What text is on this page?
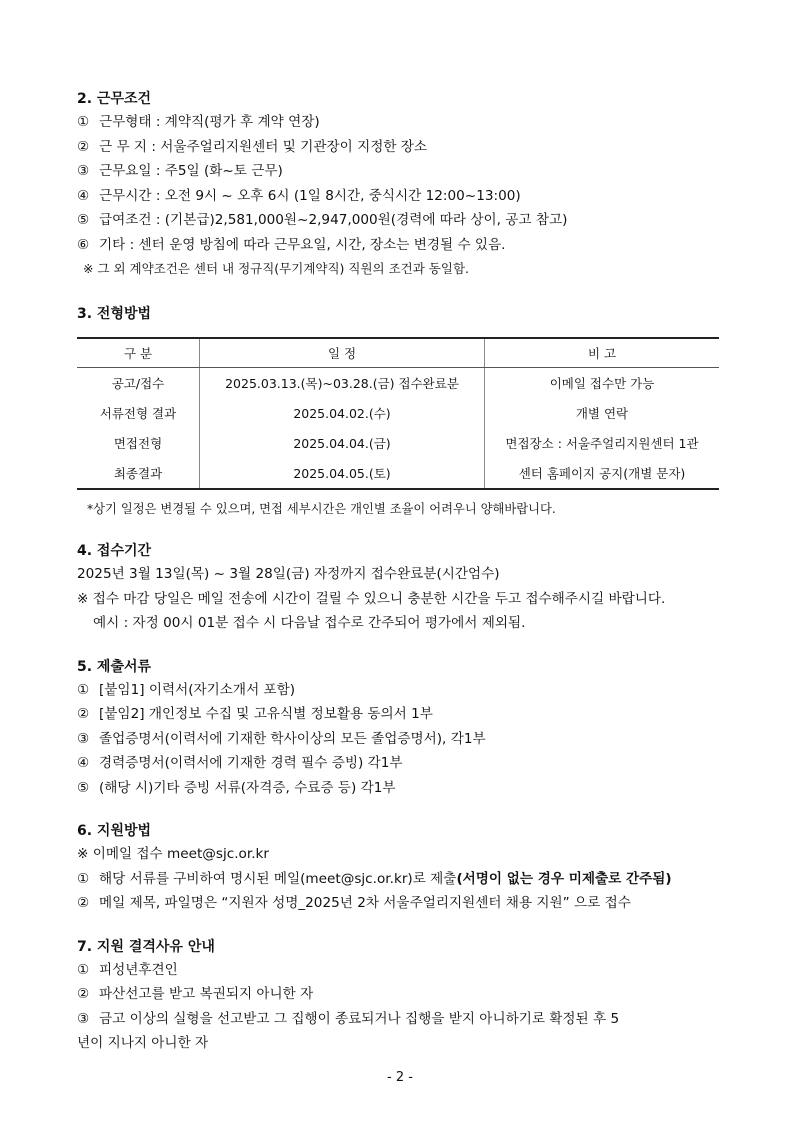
2. 근무조건
① 근무형태 : 계약직(평가 후 계약 연장)
② 근 무 지 : 서울주얼리지원센터 및 기관장이 지정한 장소
③ 근무요일 : 주5일 (화~토 근무)
④ 근무시간 : 오전 9시 ~ 오후 6시 (1일 8시간, 중식시간 12:00~13:00)
⑤ 급여조건 : (기본급)2,581,000원~2,947,000원(경력에 따라 상이, 공고 참고)
⑥ 기타 : 센터 운영 방침에 따라 근무요일, 시간, 장소는 변경될 수 있음.
※ 그 외 계약조건은 센터 내 정규직(무기계약직) 직원의 조건과 동일함.
3. 전형방법
구 분	일 정	비 고
공고/접수	2025.03.13.(목)~03.28.(금) 접수완료분	이메일 접수만 가능
서류전형 결과	2025.04.02.(수)	개별 연락
면접전형	2025.04.04.(금)	면접장소 : 서울주얼리지원센터 1관
최종결과	2025.04.05.(토)	센터 홈페이지 공지(개별 문자)
*상기 일정은 변경될 수 있으며, 면접 세부시간은 개인별 조율이 어려우니 양해바랍니다.
4. 접수기간
2025년 3월 13일(목) ~ 3월 28일(금) 자정까지 접수완료분(시간엄수)
※ 접수 마감 당일은 메일 전송에 시간이 걸릴 수 있으니 충분한 시간을 두고 접수해주시길 바랍니다.
예시 : 자정 00시 01분 접수 시 다음날 접수로 간주되어 평가에서 제외됨.
5. 제출서류
① [붙임1] 이력서(자기소개서 포함)
② [붙임2] 개인정보 수집 및 고유식별 정보활용 동의서 1부
③ 졸업증명서(이력서에 기재한 학사이상의 모든 졸업증명서), 각1부
④ 경력증명서(이력서에 기재한 경력 필수 증빙) 각1부
⑤ (해당 시)기타 증빙 서류(자격증, 수료증 등) 각1부
6. 지원방법
※ 이메일 접수 meet@sjc.or.kr
① 해당 서류를 구비하여 명시된 메일(meet@sjc.or.kr)로 제출(서명이 없는 경우 미제출로 간주됨)
② 메일 제목, 파일명은 “지원자 성명_2025년 2차 서울주얼리지원센터 채용 지원” 으로 접수
7. 지원 결격사유 안내
① 피성년후견인
② 파산선고를 받고 복권되지 아니한 자
③ 금고 이상의 실형을 선고받고 그 집행이 종료되거나 집행을 받지 아니하기로 확정된 후 5
년이 지나지 아니한 자
- 2 -
